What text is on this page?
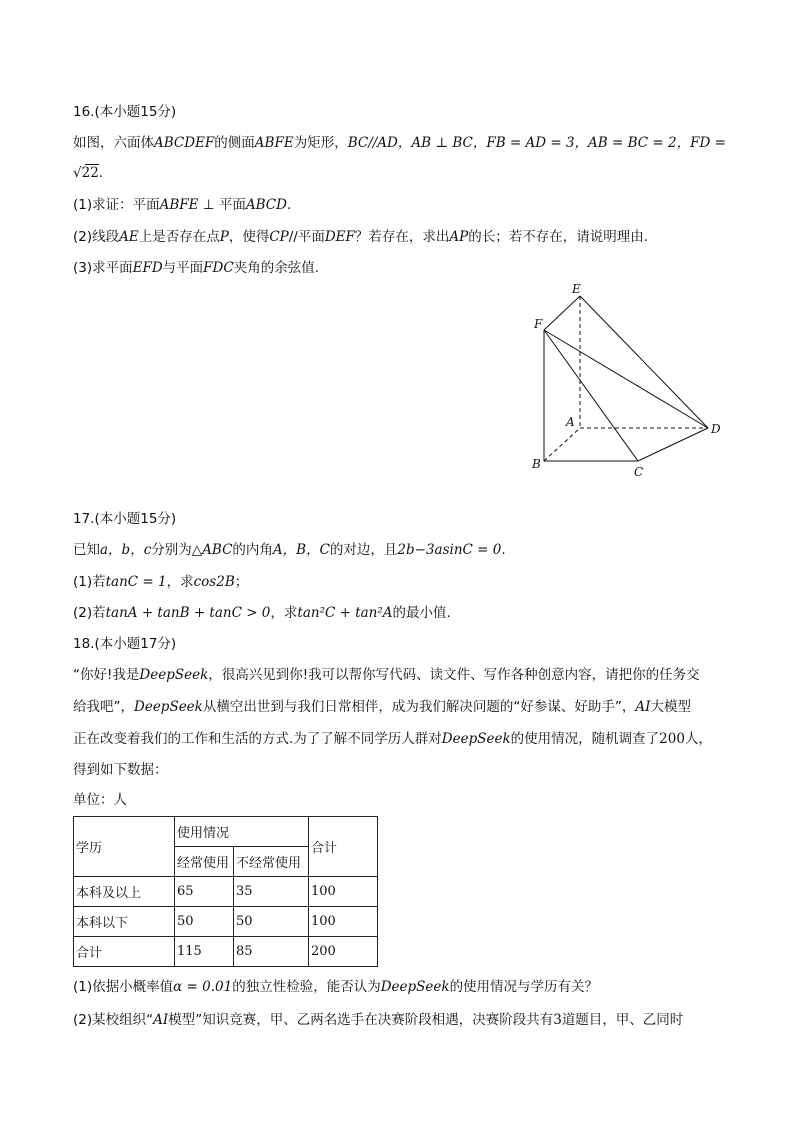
16.(本小题15分)
如图，六面体ABCDEF的侧面ABFE为矩形，BC//AD，AB ⊥ BC，FB = AD = 3，AB = BC = 2，FD =
√22
.
(1)求证：平面ABFE ⊥ 平面ABCD.
(2)线段AE上是否存在点P，使得CP//平面DEF？若存在，求出AP的长；若不存在，请说明理由.
(3)求平面EFD与平面FDC夹角的余弦值.
E
F
A
B
C
D
17.(本小题15分)
已知a，b，c分别为△ABC的内角A，B，C的对边，且2b−3asinC = 0.
(1)若tanC = 1，求cos2B；
(2)若tanA + tanB + tanC > 0，求tan²C + tan²A的最小值.
18.(本小题17分)
“你好!我是DeepSeek，很高兴见到你!我可以帮你写代码、读文件、写作各种创意内容，请把你的任务交
给我吧”，DeepSeek从横空出世到与我们日常相伴，成为我们解决问题的“好参谋、好助手”，AI大模型
正在改变着我们的工作和生活的方式.为了了解不同学历人群对DeepSeek的使用情况，随机调查了200人，
得到如下数据：
单位：人
学历	使用情况		合计
	经常使用	不经常使用	
本科及以上	65	35	100
本科以下	50	50	100
合计	115	85	200
(1)依据小概率值α = 0.01的独立性检验，能否认为DeepSeek的使用情况与学历有关？
(2)某校组织“AI模型”知识竞赛，甲、乙两名选手在决赛阶段相遇，决赛阶段共有3道题目，甲、乙同时
